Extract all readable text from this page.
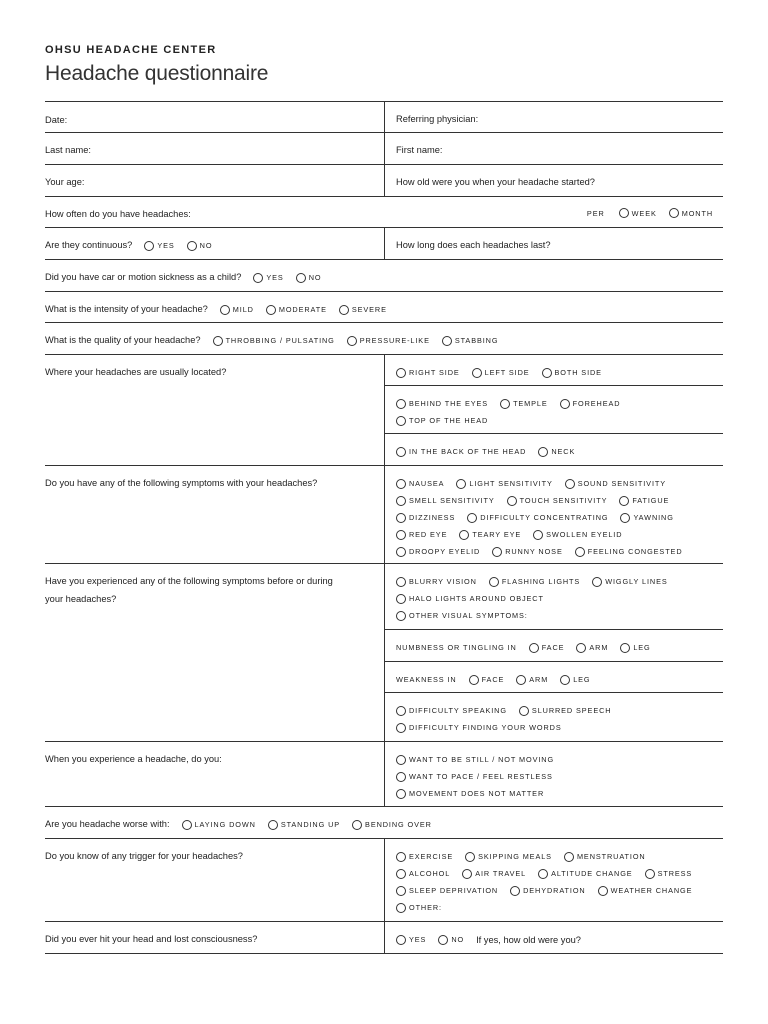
OHSU HEADACHE CENTER
Headache questionnaire
Date:	Referring physician:
Last name:	First name:
Your age:	How old were you when your headache started?
How often do you have headaches:	PER	WEEK	MONTH
Are they continuous?	YES	NO	How long does each headaches last?
Did you have car or motion sickness as a child?	YES	NO
What is the intensity of your headache?	MILD	MODERATE	SEVERE
What is the quality of your headache?	THROBBING / PULSATING	PRESSURE-LIKE	STABBING
Where your headaches are usually located?	RIGHT SIDE	LEFT SIDE	BOTH SIDE
BEHIND THE EYES	TEMPLE	FOREHEAD
TOP OF THE HEAD
IN THE BACK OF THE HEAD	NECK
Do you have any of the following symptoms with your headaches?	NAUSEA	LIGHT SENSITIVITY	SOUND SENSITIVITY
SMELL SENSITIVITY	TOUCH SENSITIVITY	FATIGUE
DIZZINESS	DIFFICULTY CONCENTRATING	YAWNING
RED EYE	TEARY EYE	SWOLLEN EYELID
DROOPY EYELID	RUNNY NOSE	FEELING CONGESTED
Have you experienced any of the following symptoms before or during
your headaches?
BLURRY VISION	FLASHING LIGHTS	WIGGLY LINES
HALO LIGHTS AROUND OBJECT
OTHER VISUAL SYMPTOMS:
NUMBNESS OR TINGLING IN	FACE	ARM	LEG
WEAKNESS IN	FACE	ARM	LEG
DIFFICULTY SPEAKING	SLURRED SPEECH
DIFFICULTY FINDING YOUR WORDS
When you experience a headache, do you:	WANT TO BE STILL / NOT MOVING
WANT TO PACE / FEEL RESTLESS
MOVEMENT DOES NOT MATTER
Are you headache worse with:	LAYING DOWN	STANDING UP	BENDING OVER
Do you know of any trigger for your headaches?	EXERCISE	SKIPPING MEALS	MENSTRUATION
ALCOHOL	AIR TRAVEL	ALTITUDE CHANGE	STRESS
SLEEP DEPRIVATION	DEHYDRATION	WEATHER CHANGE
OTHER:
Did you ever hit your head and lost consciousness?	YES	NO If yes, how old were you?
